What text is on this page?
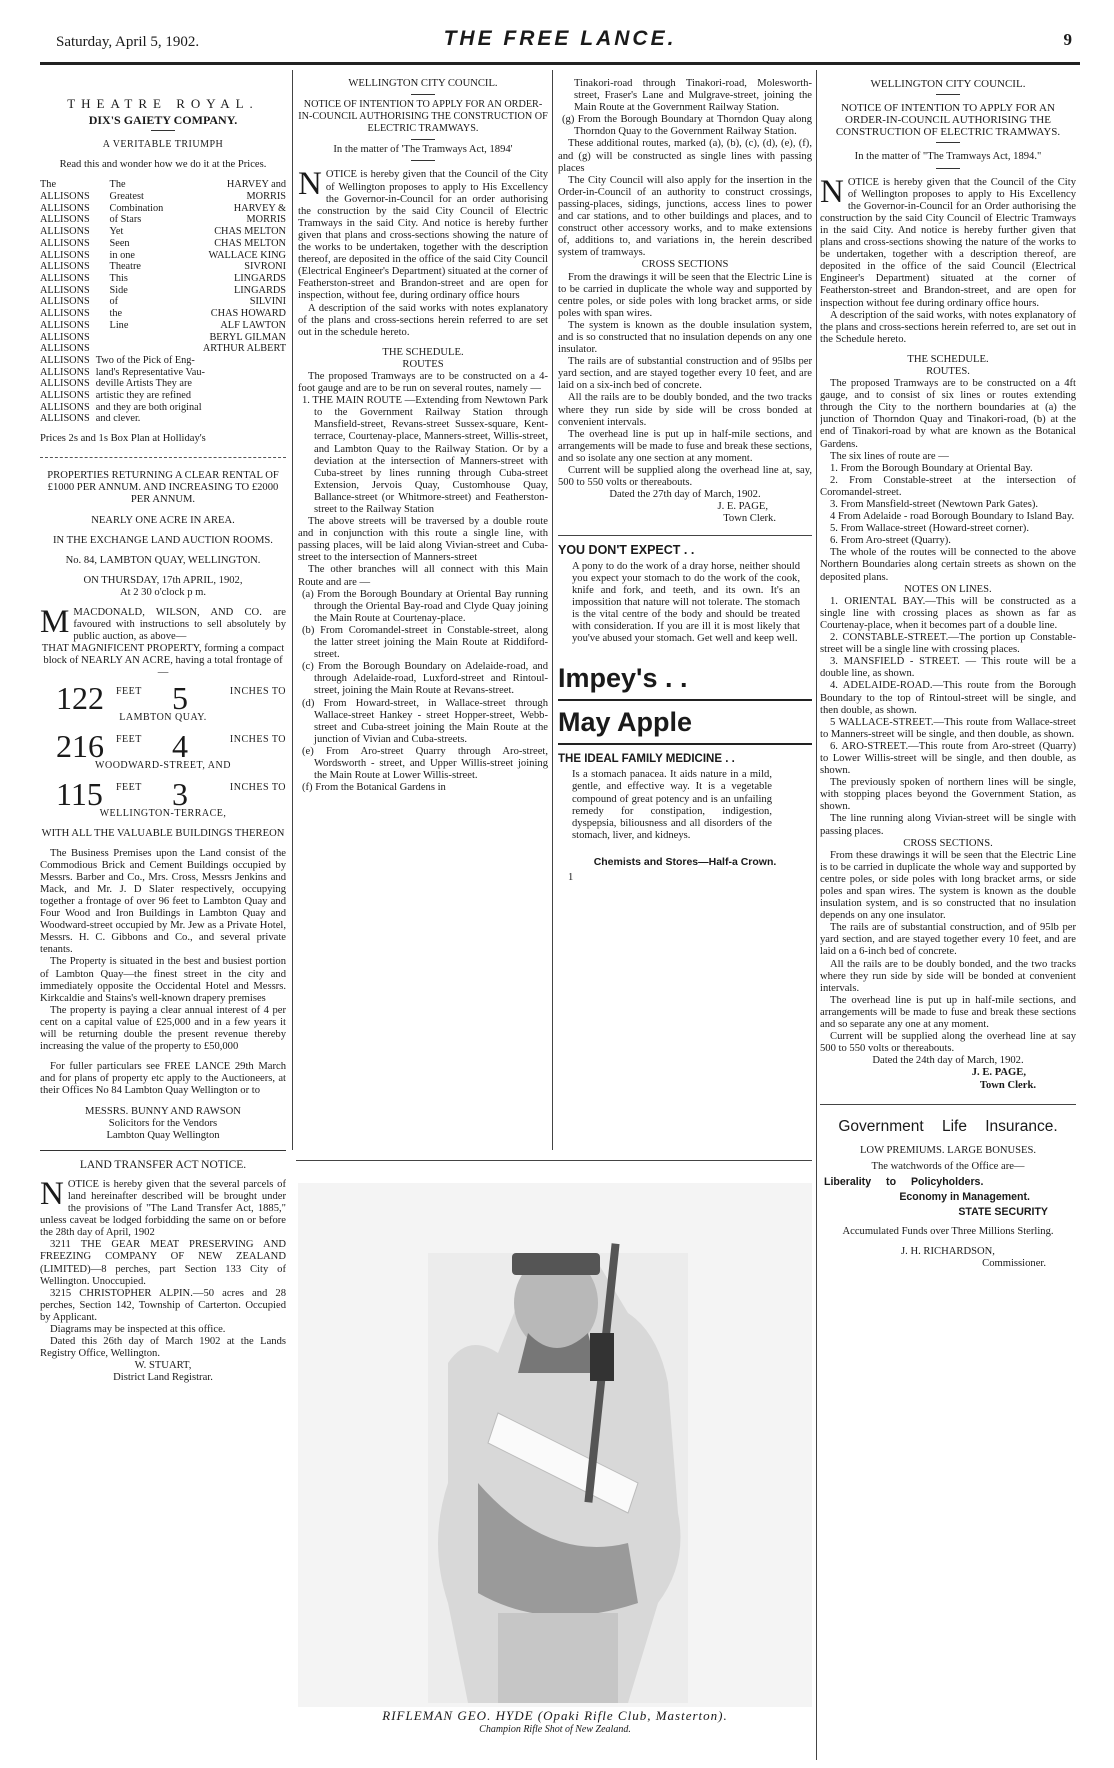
Saturday, April 5, 1902.	THE FREE LANCE.	9

THEATRE ROYAL.

DIX'S GAIETY COMPANY.

A VERITABLE TRIUMPH

Read this and wonder how we do it at the Prices.

The	The	HARVEY and
ALLISONS	Greatest	MORRIS
ALLISONS	Combination	HARVEY &
ALLISONS	of Stars	MORRIS
ALLISONS	Yet	CHAS MELTON
ALLISONS	Seen	CHAS MELTON
ALLISONS	in one	WALLACE KING
ALLISONS	Theatre	SIVRONI
ALLISONS	This	LINGARDS
ALLISONS	Side	LINGARDS
ALLISONS	of	SILVINI
ALLISONS	the	CHAS HOWARD
ALLISONS	Line	ALF LAWTON
ALLISONS		BERYL GILMAN
ALLISONS		ARTHUR ALBERT
ALLISONS	Two of the Pick of Eng-
ALLISONS	land's Representative Vau-
ALLISONS	deville Artists They are
ALLISONS	artistic they are refined
ALLISONS	and they are both original
ALLISONS	and clever.

Prices 2s and 1s Box Plan at Holliday's

PROPERTIES RETURNING A CLEAR RENTAL OF £1000 PER ANNUM. AND INCREASING TO £2000 PER ANNUM.

NEARLY ONE ACRE IN AREA.

IN THE EXCHANGE LAND AUCTION ROOMS.

No. 84, LAMBTON QUAY, WELLINGTON.

ON THURSDAY, 17th APRIL, 1902,

At 2 30 o'clock p m.

MMACDONALD, WILSON, AND CO. are favoured with instructions to sell absolutely by public auction, as above—

THAT MAGNIFICENT PROPERTY, forming a compact block of NEARLY AN ACRE, having a total frontage of—

122 FEET 5	INCHES TO
LAMBTON QUAY.
216 FEET 4	INCHES TO
WOODWARD-STREET, AND
115 FEET 3	INCHES TO
WELLINGTON-TERRACE,

WITH ALL THE VALUABLE BUILDINGS THEREON

The Business Premises upon the Land consist of the Commodious Brick and Cement Buildings occupied by Messrs. Barber and Co., Mrs. Cross, Messrs Jenkins and Mack, and Mr. J. D Slater respectively, occupying together a frontage of over 96 feet to Lambton Quay and Four Wood and Iron Buildings in Lambton Quay and Woodward-street occupied by Mr. Jew as a Private Hotel, Messrs. H. C. Gibbons and Co., and several private tenants.

The Property is situated in the best and busiest portion of Lambton Quay—the finest street in the city and immediately opposite the Occidental Hotel and Messrs. Kirkcaldie and Stains's well-known drapery premises

The property is paying a clear annual interest of 4 per cent on a capital value of £25,000 and in a few years it will be returning double the present revenue thereby increasing the value of the property to £50,000

For fuller particulars see FREE LANCE 29th March and for plans of property etc apply to the Auctioneers, at their Offices No 84 Lambton Quay Wellington or to

MESSRS. BUNNY AND RAWSON

Solicitors for the Vendors

Lambton Quay Wellington

LAND TRANSFER ACT NOTICE.

NOTICE is hereby given that the several parcels of land hereinafter described will be brought under the provisions of "The Land Transfer Act, 1885," unless caveat be lodged forbidding the same on or before the 28th day of April, 1902

3211 THE GEAR MEAT PRESERVING AND FREEZING COMPANY OF NEW ZEALAND (LIMITED)—8 perches, part Section 133 City of Wellington. Unoccupied.

3215 CHRISTOPHER ALPIN.—50 acres and 28 perches, Section 142, Township of Carterton. Occupied by Applicant.

Diagrams may be inspected at this office.

Dated this 26th day of March 1902 at the Lands Registry Office, Wellington.

W. STUART,

District Land Registrar.

WELLINGTON CITY COUNCIL.

NOTICE OF INTENTION TO APPLY FOR AN ORDER-IN-COUNCIL AUTHORISING THE CONSTRUCTION OF ELECTRIC TRAMWAYS.

In the matter of 'The Tramways Act, 1894'

NOTICE is hereby given that the Council of the City of Wellington proposes to apply to His Excellency the Governor-in-Council for an order authorising the construction by the said City Council of Electric Tramways in the said City. And notice is hereby further given that plans and cross-sections showing the nature of the works to be undertaken, together with the description thereof, are deposited in the office of the said City Council (Electrical Engineer's Department) situated at the corner of Featherston-street and Brandon-street and are open for inspection, without fee, during ordinary office hours

A description of the said works with notes explanatory of the plans and cross-sections herein referred to are set out in the schedule hereto.

THE SCHEDULE.

ROUTES

The proposed Tramways are to be constructed on a 4-foot gauge and are to be run on several routes, namely —

1. THE MAIN ROUTE —Extending from Newtown Park to the Government Railway Station through Mansfield-street, Revans-street Sussex-square, Kent-terrace, Courtenay-place, Manners-street, Willis-street, and Lambton Quay to the Railway Station. Or by a deviation at the intersection of Manners-street with Cuba-street by lines running through Cuba-street Extension, Jervois Quay, Customhouse Quay, Ballance-street (or Whitmore-street) and Featherston-street to the Railway Station

The above streets will be traversed by a double route and in conjunction with this route a single line, with passing places, will be laid along Vivian-street and Cuba-street to the intersection of Manners-street

The other branches will all connect with this Main Route and are —

(a) From the Borough Boundary at Oriental Bay running through the Oriental Bay-road and Clyde Quay joining the Main Route at Courtenay-place.

(b) From Coromandel-street in Constable-street, along the latter street joining the Main Route at Riddiford-street.

(c) From the Borough Boundary on Adelaide-road, and through Adelaide-road, Luxford-street and Rintoul-street, joining the Main Route at Revans-street.

(d) From Howard-street, in Wallace-street through Wallace-street Hankey - street Hopper-street, Webb-street and Cuba-street joining the Main Route at the junction of Vivian and Cuba-streets.

(e) From Aro-street Quarry through Aro-street, Wordsworth - street, and Upper Willis-street joining the Main Route at Lower Willis-street.

(f) From the Botanical Gardens in

Tinakori-road through Tinakori-road, Molesworth-street, Fraser's Lane and Mulgrave-street, joining the Main Route at the Government Railway Station.

(g) From the Borough Boundary at Thorndon Quay along Thorndon Quay to the Government Railway Station.

These additional routes, marked (a), (b), (c), (d), (e), (f), and (g) will be constructed as single lines with passing places

The City Council will also apply for the insertion in the Order-in-Council of an authority to construct crossings, passing-places, sidings, junctions, access lines to power and car stations, and to other buildings and places, and to construct other accessory works, and to make extensions of, additions to, and variations in, the herein described system of tramways.

CROSS SECTIONS

From the drawings it will be seen that the Electric Line is to be carried in duplicate the whole way and supported by centre poles, or side poles with long bracket arms, or side poles with span wires.

The system is known as the double insulation system, and is so constructed that no insulation depends on any one insulator.

The rails are of substantial construction and of 95lbs per yard section, and are stayed together every 10 feet, and are laid on a six-inch bed of concrete.

All the rails are to be doubly bonded, and the two tracks where they run side by side will be cross bonded at convenient intervals.

The overhead line is put up in half-mile sections, and arrangements will be made to fuse and break these sections, and so isolate any one section at any moment.

Current will be supplied along the overhead line at, say, 500 to 550 volts or thereabouts.

Dated the 27th day of March, 1902.

J. E. PAGE,

Town Clerk.

YOU DON'T EXPECT . .

A pony to do the work of a dray horse, neither should you expect your stomach to do the work of the cook, knife and fork, and teeth, and its own. It's an impossition that nature will not tolerate. The stomach is the vital centre of the body and should be treated with consideration. If you are ill it is most likely that you've abused your stomach. Get well and keep well.

Impey's . .

May Apple

THE IDEAL FAMILY MEDICINE . .

Is a stomach panacea. It aids nature in a mild, gentle, and effective way. It is a vegetable compound of great potency and is an unfailing remedy for constipation, indigestion, dyspepsia, biliousness and all disorders of the stomach, liver, and kidneys.

Chemists and Stores—Half-a Crown.

1

WELLINGTON CITY COUNCIL.

NOTICE OF INTENTION TO APPLY FOR AN ORDER-IN-COUNCIL AUTHORISING THE CONSTRUCTION OF ELECTRIC TRAMWAYS.

In the matter of "The Tramways Act, 1894."

NOTICE is hereby given that the Council of the City of Wellington proposes to apply to His Excellency the Governor-in-Council for an Order authorising the construction by the said City Council of Electric Tramways in the said City. And notice is hereby further given that plans and cross-sections showing the nature of the works to be undertaken, together with a description thereof, are deposited in the office of the said Council (Electrical Engineer's Department) situated at the corner of Featherston-street and Brandon-street, and are open for inspection without fee during ordinary office hours.

A description of the said works, with notes explanatory of the plans and cross-sections herein referred to, are set out in the Schedule hereto.

THE SCHEDULE.

ROUTES.

The proposed Tramways are to be constructed on a 4ft gauge, and to consist of six lines or routes extending through the City to the northern boundaries at (a) the junction of Thorndon Quay and Tinakori-road, (b) at the end of Tinakori-road by what are known as the Botanical Gardens.

The six lines of route are —

1. From the Borough Boundary at Oriental Bay.

2. From Constable-street at the intersection of Coromandel-street.

3. From Mansfield-street (Newtown Park Gates).

4 From Adelaide - road Borough Boundary to Island Bay.

5. From Wallace-street (Howard-street corner).

6. From Aro-street (Quarry).

The whole of the routes will be connected to the above Northern Boundaries along certain streets as shown on the deposited plans.

NOTES ON LINES.

1. ORIENTAL BAY.—This will be constructed as a single line with crossing places as shown as far as Courtenay-place, when it becomes part of a double line.

2. CONSTABLE-STREET.—The portion up Constable-street will be a single line with crossing places.

3. MANSFIELD - STREET. — This route will be a double line, as shown.

4. ADELAIDE-ROAD.—This route from the Borough Boundary to the top of Rintoul-street will be single, and then double, as shown.

5 WALLACE-STREET.—This route from Wallace-street to Manners-street will be single, and then double, as shown.

6. ARO-STREET.—This route from Aro-street (Quarry) to Lower Willis-street will be single, and then double, as shown.

The previously spoken of northern lines will be single, with stopping places beyond the Government Station, as shown.

The line running along Vivian-street will be single with passing places.

CROSS SECTIONS.

From these drawings it will be seen that the Electric Line is to be carried in duplicate the whole way and supported by centre poles, or side poles with long bracket arms, or side poles and span wires. The system is known as the double insulation system, and is so constructed that no insulation depends on any one insulator.

The rails are of substantial construction, and of 95lb per yard section, and are stayed together every 10 feet, and are laid on a 6-inch bed of concrete.

All the rails are to be doubly bonded, and the two tracks where they run side by side will be bonded at convenient intervals.

The overhead line is put up in half-mile sections, and arrangements will be made to fuse and break these sections and so separate any one at any moment.

Current will be supplied along the overhead line at say 500 to 550 volts or thereabouts.

Dated the 24th day of March, 1902.

J. E. PAGE,

Town Clerk.

Government Life Insurance.

LOW PREMIUMS. LARGE BONUSES.

The watchwords of the Office are—

Liberality to Policyholders.

Economy in Management.

STATE SECURITY

Accumulated Funds over Three Millions Sterling.

J. H. RICHARDSON,

Commissioner.

RIFLEMAN GEO. HYDE (Opaki Rifle Club, Masterton).

Champion Rifle Shot of New Zealand.
